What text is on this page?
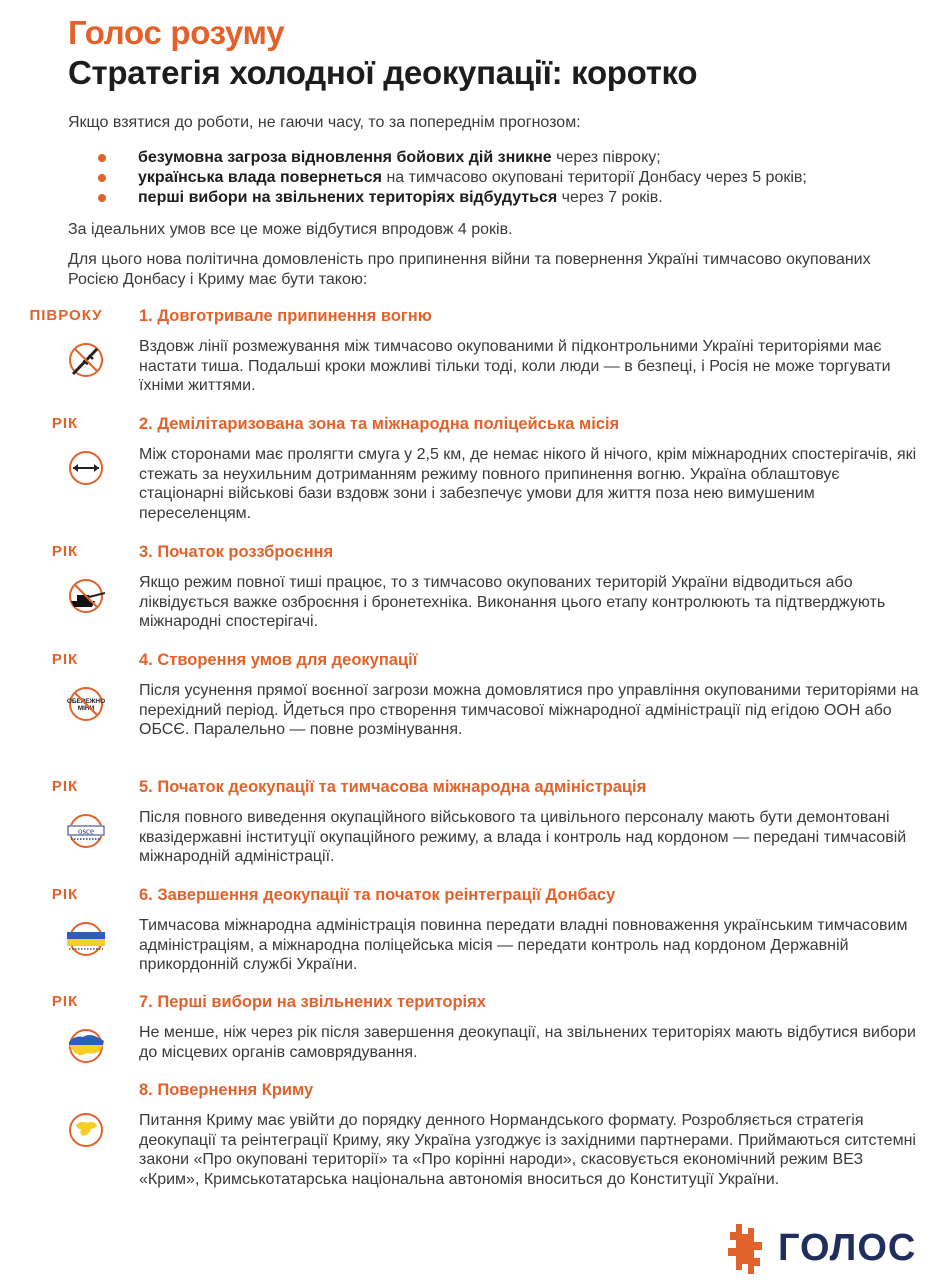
Голос розуму
Стратегія холодної деокупації: коротко
Якщо взятися до роботи, не гаючи часу, то за попереднім прогнозом:
безумовна загроза відновлення бойових дій зникне через півроку;
українська влада повернеться на тимчасово окуповані території Донбасу через 5 років;
перші вибори на звільнених територіях відбудуться через 7 років.
За ідеальних умов все це може відбутися впродовж 4 років.
Для цього нова політична домовленість про припинення війни та повернення Україні тимчасово окупованих Росією Донбасу і Криму має бути такою:
ПІВРОКУ	1. Довготривале припинення вогню
Вздовж лінії розмежування між тимчасово окупованими й підконтрольними Україні територіями має настати тиша. Подальші кроки можливі тільки тоді, коли люди — в безпеці, і Росія не може торгувати їхніми життями.
РІК	2. Демілітаризована зона та міжнародна поліцейська місія
Між сторонами має пролягти смуга у 2,5 км, де немає нікого й нічого, крім міжнародних спостерігачів, які стежать за неухильним дотриманням режиму повного припинення вогню. Україна облаштовує стаціонарні військові бази вздовж зони і забезпечує умови для життя поза нею вимушеним переселенцям.
РІК	3. Початок роззброєння
Якщо режим повної тиші працює, то з тимчасово окупованих територій України відводиться або ліквідується важке озброєння і бронетехніка. Виконання цього етапу контролюють та підтверджують міжнародні спостерігачі.
РІК	4. Створення умов для деокупації
ОБЕРЕЖНО
МІНИ
Після усунення прямої воєнної загрози можна домовлятися про управління окупованими територіями на перехідний період. Йдеться про створення тимчасової міжнародної адміністрації під егідою ООН або ОБСЄ. Паралельно — повне розмінування.
РІК	5. Початок деокупації та тимчасова міжнародна адміністрація
osce
Після повного виведення окупаційного військового та цивільного персоналу мають бути демонтовані квазідержавні інституції окупаційного режиму, а влада і контроль над кордоном — передані тимчасовій міжнародній адміністрації.
РІК	6. Завершення деокупації та початок реінтеграції Донбасу
Тимчасова міжнародна адміністрація повинна передати владні повноваження українським тимчасовим адміністраціям, а міжнародна поліцейська місія — передати контроль над кордоном Державній прикордонній службі України.
РІК	7. Перші вибори на звільнених територіях
Не менше, ніж через рік після завершення деокупації, на звільнених територіях мають відбутися вибори до місцевих органів самоврядування.
8. Повернення Криму
Питання Криму має увійти до порядку денного Нормандського формату. Розробляється стратегія деокупації та реінтеграції Криму, яку Україна узгоджує із західними партнерами. Приймаються ситстемні закони «Про окуповані території» та «Про корінні народи», скасовується економічний режим ВЕЗ «Крим», Кримськотатарська національна автономія вноситься до Конституції України.
ГОЛОС
